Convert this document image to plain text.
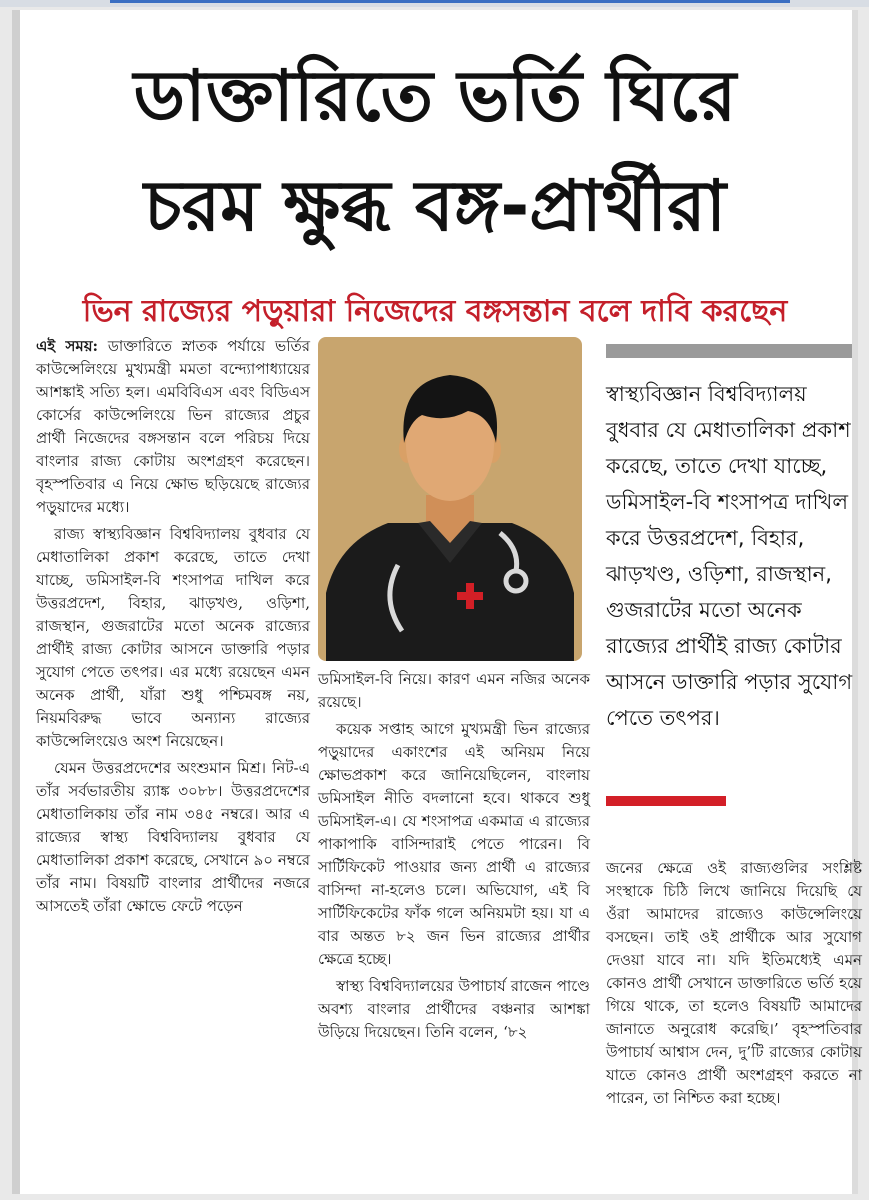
ডাক্তারিতে ভর্তি ঘিরে
চরম ক্ষুব্ধ বঙ্গ-প্রার্থীরা
ভিন রাজ্যের পড়ুয়ারা নিজেদের বঙ্গসন্তান বলে দাবি করছেন

এই সময়: ডাক্তারিতে স্নাতক পর্যায়ে ভর্তির কাউন্সেলিংয়ে মুখ্যমন্ত্রী মমতা বন্দ্যোপাধ্যায়ের আশঙ্কাই সত্যি হল। এমবিবিএস এবং বিডিএস কোর্সের কাউন্সেলিংয়ে ভিন রাজ্যের প্রচুর প্রার্থী নিজেদের বঙ্গসন্তান বলে পরিচয় দিয়ে বাংলার রাজ্য কোটায় অংশগ্রহণ করেছেন। বৃহস্পতিবার এ নিয়ে ক্ষোভ ছড়িয়েছে রাজ্যের পড়ুয়াদের মধ্যে।

রাজ্য স্বাস্থ্যবিজ্ঞান বিশ্ববিদ্যালয় বুধবার যে মেধাতালিকা প্রকাশ করেছে, তাতে দেখা যাচ্ছে, ডমিসাইল-বি শংসাপত্র দাখিল করে উত্তরপ্রদেশ, বিহার, ঝাড়খণ্ড, ওড়িশা, রাজস্থান, গুজরাটের মতো অনেক রাজ্যের প্রার্থীই রাজ্য কোটার আসনে ডাক্তারি পড়ার সুযোগ পেতে তৎপর। এর মধ্যে রয়েছেন এমন অনেক প্রার্থী, যাঁরা শুধু পশ্চিমবঙ্গ নয়, নিয়মবিরুদ্ধ ভাবে অন্যান্য রাজ্যের কাউন্সেলিংয়েও অংশ নিয়েছেন।

যেমন উত্তরপ্রদেশের অংশুমান মিশ্র। নিট-এ তাঁর সর্বভারতীয় র‌্যাঙ্ক ৩০৮৮। উত্তরপ্রদেশের মেধাতালিকায় তাঁর নাম ৩৪৫ নম্বরে। আর এ রাজ্যের স্বাস্থ্য বিশ্ববিদ্যালয় বুধবার যে মেধাতালিকা প্রকাশ করেছে, সেখানে ৯০ নম্বরে তাঁর নাম। বিষয়টি বাংলার প্রার্থীদের নজরে আসতেই তাঁরা ক্ষোভে ফেটে পড়েন

ডমিসাইল-বি নিয়ে। কারণ এমন নজির অনেক রয়েছে।

কয়েক সপ্তাহ আগে মুখ্যমন্ত্রী ভিন রাজ্যের পড়ুয়াদের একাংশের এই অনিয়ম নিয়ে ক্ষোভপ্রকাশ করে জানিয়েছিলেন, বাংলায় ডমিসাইল নীতি বদলানো হবে। থাকবে শুধু ডমিসাইল-এ। যে শংসাপত্র একমাত্র এ রাজ্যের পাকাপাকি বাসিন্দারাই পেতে পারেন। বি সার্টিফিকেট পাওয়ার জন্য প্রার্থী এ রাজ্যের বাসিন্দা না-হলেও চলে। অভিযোগ, এই বি সার্টিফিকেটের ফাঁক গলে অনিয়মটা হয়। যা এ বার অন্তত ৮২ জন ভিন রাজ্যের প্রার্থীর ক্ষেত্রে হচ্ছে।

স্বাস্থ্য বিশ্ববিদ্যালয়ের উপাচার্য রাজেন পাণ্ডে অবশ্য বাংলার প্রার্থীদের বঞ্চনার আশঙ্কা উড়িয়ে দিয়েছেন। তিনি বলেন, ‘৮২

স্বাস্থ্যবিজ্ঞান বিশ্ববিদ্যালয় বুধবার যে মেধাতালিকা প্রকাশ করেছে, তাতে দেখা যাচ্ছে, ডমিসাইল-বি শংসাপত্র দাখিল করে উত্তরপ্রদেশ, বিহার, ঝাড়খণ্ড, ওড়িশা, রাজস্থান, গুজরাটের মতো অনেক রাজ্যের প্রার্থীই রাজ্য কোটার আসনে ডাক্তারি পড়ার সুযোগ পেতে তৎপর।

জনের ক্ষেত্রে ওই রাজ্যগুলির সংশ্লিষ্ট সংস্থাকে চিঠি লিখে জানিয়ে দিয়েছি যে ওঁরা আমাদের রাজ্যেও কাউন্সেলিংয়ে বসছেন। তাই ওই প্রার্থীকে আর সুযোগ দেওয়া যাবে না। যদি ইতিমধ্যেই এমন কোনও প্রার্থী সেখানে ডাক্তারিতে ভর্তি হয়ে গিয়ে থাকে, তা হলেও বিষয়টি আমাদের জানাতে অনুরোধ করেছি।’ বৃহস্পতিবার উপাচার্য আশ্বাস দেন, দু’টি রাজ্যের কোটায় যাতে কোনও প্রার্থী অংশগ্রহণ করতে না পারেন, তা নিশ্চিত করা হচ্ছে।
